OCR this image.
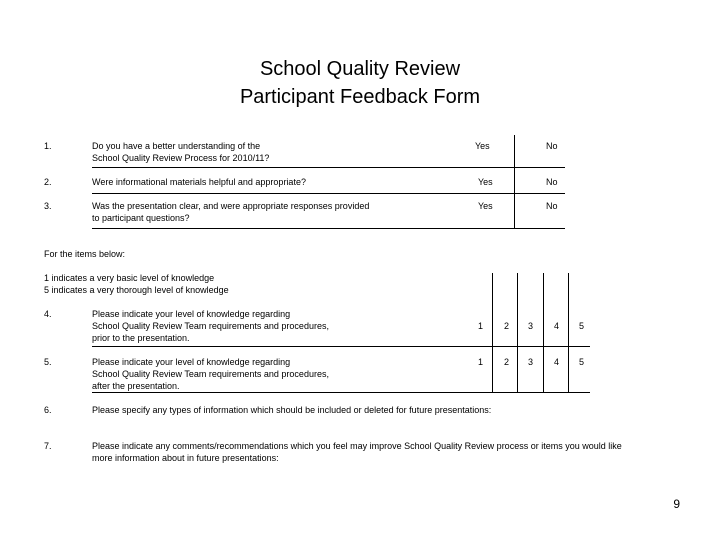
School Quality Review
Participant Feedback Form
1.	Do you have a better understanding of the
School Quality Review Process for 2010/11?
Yes	No
2.	Were informational materials helpful and appropriate?	Yes	No
3.	Was the presentation clear, and were appropriate responses provided
to participant questions?
Yes	No
For the items below:
1 indicates a very basic level of knowledge
5 indicates a very thorough level of knowledge
4.	Please indicate your level of knowledge regarding
School Quality Review Team requirements and procedures,
prior to the presentation.
1 2 3 4 5
5.	Please indicate your level of knowledge regarding
School Quality Review Team requirements and procedures,
after the presentation.
1 2 3 4 5
6.	Please specify any types of information which should be included or deleted for future presentations:
7.	Please indicate any comments/recommendations which you feel may improve School Quality Review process or items you would like
more information about in future presentations:
9
